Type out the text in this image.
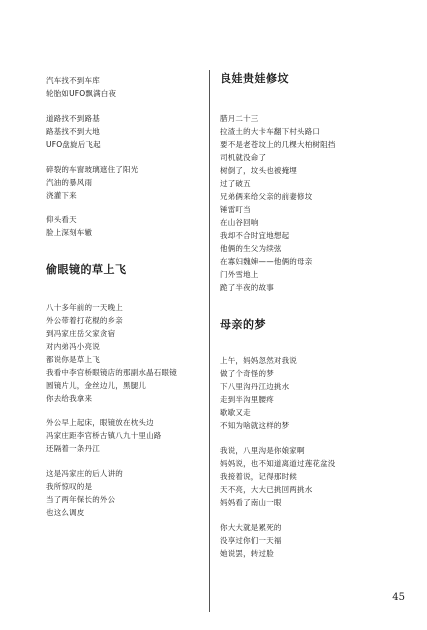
汽车找不到车库
轮胎如UFO飘满白夜
道路找不到路基
路基找不到大地
UFO盘旋后飞起
碎裂的车窗玻璃遮住了阳光
汽油的暴风雨
浇灌下来
仰头看天
脸上深刻车辙
偷眼镜的草上飞
八十多年前的一天晚上
外公带着打花棍的乡亲
到冯家庄岳父家贪宿
对内弟冯小亮说
都说你是草上飞
我看中李官桥眼镜店的那副水晶石眼镜
圆镜片儿，金丝边儿，黑腿儿
你去给我拿来
外公早上起床，眼镜放在枕头边
冯家庄距李官桥古镇八九十里山路
还隔着一条丹江
这是冯家庄的后人讲的
我所惊叹的是
当了两年保长的外公
也这么调皮
良娃贵娃修坟
腊月二十三
拉渣土的大卡车翻下村头路口
要不是老苍坟上的几棵大柏树阻挡
司机就没命了
树倒了，坟头也被掩埋
过了破五
兄弟俩来给父亲的前妻修坟
锤雷叮当
在山谷回响
我却不合时宜地想起
他俩的生父为续弦
在寡妇魏婶——他俩的母亲
门外雪地上
跪了半夜的故事
母亲的梦
上午，妈妈忽然对我说
做了个奇怪的梦
下八里沟丹江边挑水
走到半沟里腰疼
歇歇又走
不知为啥就这样的梦
我说，八里沟是你娘家啊
妈妈说，也不知道离道过莲花盆没
我接着说，记得那时候
天不亮，大大已挑回两挑水
妈妈看了南山一眼
你大大就是累死的
没享过你们一天福
她说罢，转过脸
45
